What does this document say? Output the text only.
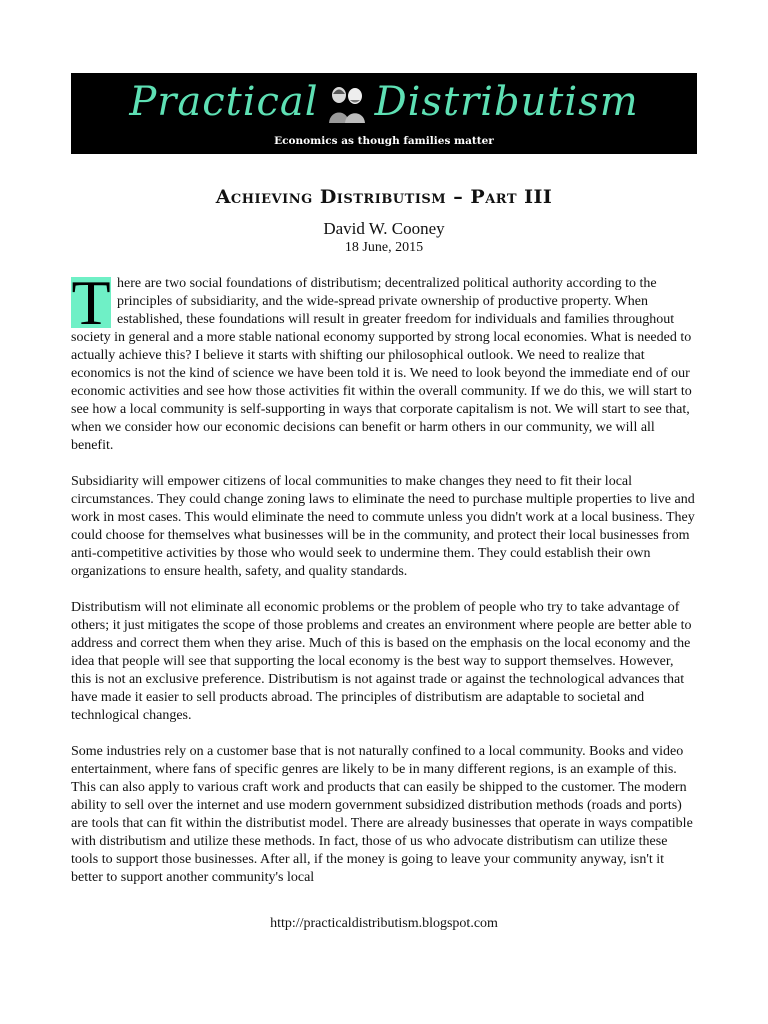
Practical Distributism
Economics as though families matter
Achieving Distributism – Part III
David W. Cooney
18 June, 2015

T here are two social foundations of distributism; decentralized political authority according to the principles of subsidiarity, and the wide-spread private ownership of productive property. When established, these foundations will result in greater freedom for individuals and families throughout society in general and a more stable national economy supported by strong local economies. What is needed to actually achieve this? I believe it starts with shifting our philosophical outlook. We need to realize that economics is not the kind of science we have been told it is. We need to look beyond the immediate end of our economic activities and see how those activities fit within the overall community. If we do this, we will start to see how a local community is self-supporting in ways that corporate capitalism is not. We will start to see that, when we consider how our economic decisions can benefit or harm others in our community, we will all benefit.

Subsidiarity will empower citizens of local communities to make changes they need to fit their local circumstances. They could change zoning laws to eliminate the need to purchase multiple properties to live and work in most cases. This would eliminate the need to commute unless you didn't work at a local business. They could choose for themselves what businesses will be in the community, and protect their local businesses from anti-competitive activities by those who would seek to undermine them. They could establish their own organizations to ensure health, safety, and quality standards.

Distributism will not eliminate all economic problems or the problem of people who try to take advantage of others; it just mitigates the scope of those problems and creates an environment where people are better able to address and correct them when they arise. Much of this is based on the emphasis on the local economy and the idea that people will see that supporting the local economy is the best way to support themselves. However, this is not an exclusive preference. Distributism is not against trade or against the technological advances that have made it easier to sell products abroad. The principles of distributism are adaptable to societal and technlogical changes.

Some industries rely on a customer base that is not naturally confined to a local community. Books and video entertainment, where fans of specific genres are likely to be in many different regions, is an example of this. This can also apply to various craft work and products that can easily be shipped to the customer. The modern ability to sell over the internet and use modern government subsidized distribution methods (roads and ports) are tools that can fit within the distributist model. There are already businesses that operate in ways compatible with distributism and utilize these methods. In fact, those of us who advocate distributism can utilize these tools to support those businesses. After all, if the money is going to leave your community anyway, isn't it better to support another community's local

http://practicaldistributism.blogspot.com
